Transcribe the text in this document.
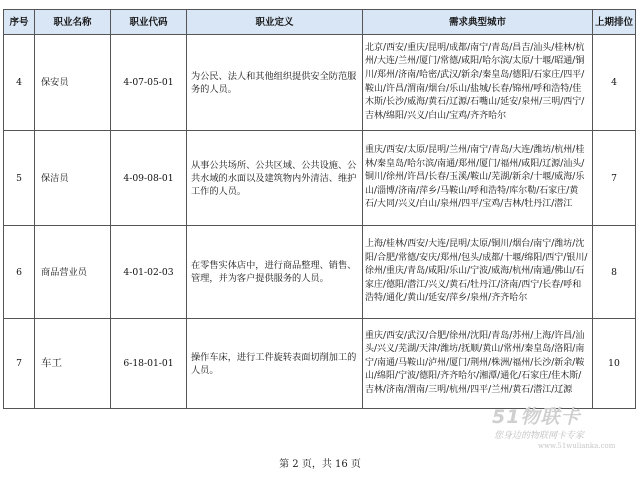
序号	职业名称	职业代码	职业定义	需求典型城市	上期排位
4	保安员	4-07-05-01	为公民、法人和其他组织提供安全防范服务的人员。	北京/西安/重庆/昆明/成都/南宁/青岛/昌吉/汕头/桂林/杭州/大连/兰州/厦门/常德/咸阳/哈尔滨/太原/十堰/昭通/铜川/郑州/济南/哈密/武汉/新余/秦皇岛/德阳/石家庄/四平/鞍山/许昌/渭南/烟台/乐山/盐城/长春/锦州/呼和浩特/佳木斯/长沙/威海/黄石/辽源/石嘴山/延安/泉州/三明/西宁/吉林/绵阳/兴义/白山/宝鸡/齐齐哈尔	4
5	保洁员	4-09-08-01	从事公共场所、公共区域、公共设施、公共水域的水面以及建筑物内外清洁、维护工作的人员。	重庆/西安/太原/昆明/兰州/南宁/青岛/大连/潍坊/杭州/桂林/秦皇岛/哈尔滨/南通/郑州/厦门/福州/咸阳/辽源/汕头/铜川/徐州/许昌/长春/玉溪/鞍山/芜湖/新余/十堰/威海/乐山/淄博/济南/萍乡/马鞍山/呼和浩特/库尔勒/石家庄/黄石/大同/兴义/白山/泉州/四平/宝鸡/吉林/牡丹江/潜江	7
6	商品营业员	4-01-02-03	在零售实体店中，进行商品整理、销售、管理，并为客户提供服务的人员。	上海/桂林/西安/大连/昆明/太原/铜川/烟台/南宁/潍坊/沈阳/合肥/常德/安庆/郑州/包头/成都/十堰/绵阳/西宁/银川/徐州/重庆/青岛/咸阳/乐山/宁波/威海/杭州/南通/佛山/石家庄/德阳/潜江/兴义/黄石/牡丹江/济南/西宁/长春/呼和浩特/通化/黄山/延安/萍乡/泉州/齐齐哈尔	8
7	车工	6-18-01-01	操作车床，进行工件旋转表面切削加工的人员。	重庆/西安/武汉/合肥/徐州/沈阳/青岛/苏州/上海/许昌/汕头/兴义/芜湖/天津/潍坊/抚顺/黄山/常州/秦皇岛/洛阳/南宁/南通/马鞍山/泸州/厦门/荆州/株洲/福州/长沙/新余/鞍山/绵阳/宁波/德阳/齐齐哈尔/湘潭/通化/石家庄/佳木斯/吉林/济南/渭南/三明/杭州/四平/兰州/黄石/潜江/辽源	10
51物联卡
您身边的物联网卡专家
www.51wulianka.com
第 2 页，共 16 页
